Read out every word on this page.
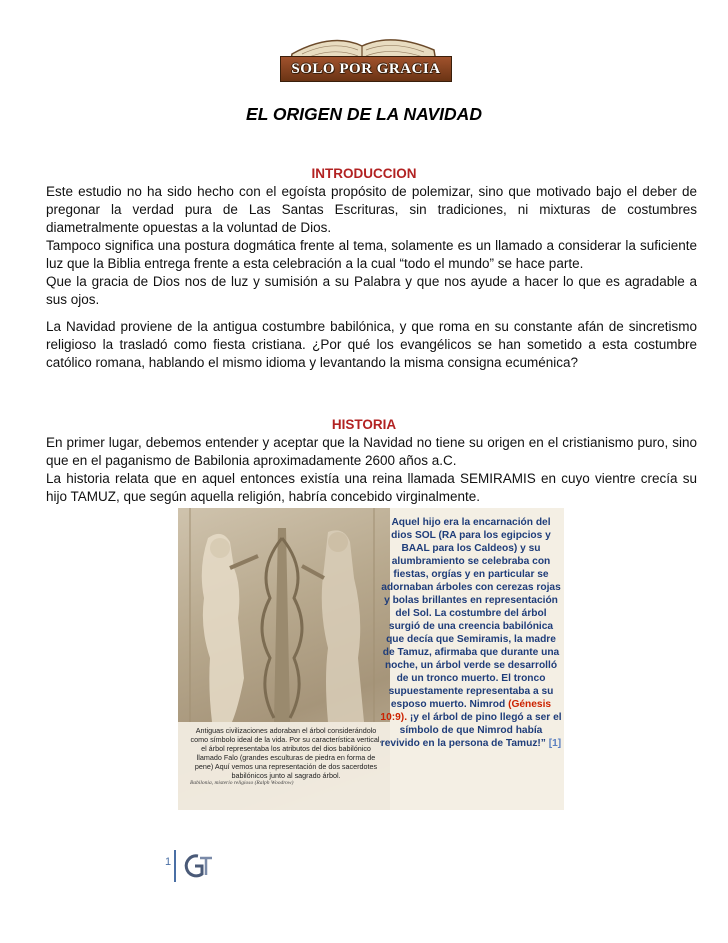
SOLO POR GRACIA
EL ORIGEN DE LA NAVIDAD
INTRODUCCION

Este estudio no ha sido hecho con el egoísta propósito de polemizar, sino que motivado bajo el deber de pregonar la verdad pura de Las Santas Escrituras, sin tradiciones, ni mixturas de costumbres diametralmente opuestas a la voluntad de Dios.

Tampoco significa una postura dogmática frente al tema, solamente es un llamado a considerar la suficiente luz que la Biblia entrega frente a esta celebración a la cual “todo el mundo” se hace parte.

Que la gracia de Dios nos de luz y sumisión a su Palabra y que nos ayude a hacer lo que es agradable a sus ojos.

La Navidad proviene de la antigua costumbre babilónica, y que roma en su constante afán de sincretismo religioso la trasladó como fiesta cristiana. ¿Por qué los evangélicos se han sometido a esta costumbre católico romana, hablando el mismo idioma y levantando la misma consigna ecuménica?

HISTORIA

En primer lugar, debemos entender y aceptar que la Navidad no tiene su origen en el cristianismo puro, sino que en el paganismo de Babilonia aproximadamente 2600 años a.C.

La historia relata que en aquel entonces existía una reina llamada SEMIRAMIS en cuyo vientre crecía su hijo TAMUZ, que según aquella religión, habría concebido virginalmente.

Antiguas civilizaciones adoraban el árbol considerándolo como símbolo ideal de la vida. Por su característica vertical, el árbol representaba los atributos del dios babilónico llamado Falo (grandes esculturas de piedra en forma de pene) Aquí vemos una representación de dos sacerdotes babilónicos junto al sagrado árbol.
Babilonia, misterio religioso (Ralph Woodrow)
Aquel hijo era la encarnación del dios SOL (RA para los egipcios y BAAL para los Caldeos) y su alumbramiento se celebraba con fiestas, orgías y en particular se adornaban árboles con cerezas rojas y bolas brillantes en representación del Sol. La costumbre del árbol surgió de una creencia babilónica que decía que Semiramis, la madre de Tamuz, afirmaba que durante una noche, un árbol verde se desarrolló de un tronco muerto. El tronco supuestamente representaba a su esposo muerto. Nimrod (Génesis 10:9). ¡y el árbol de pino llegó a ser el símbolo de que Nimrod había revivido en la persona de Tamuz!” [1]
1
